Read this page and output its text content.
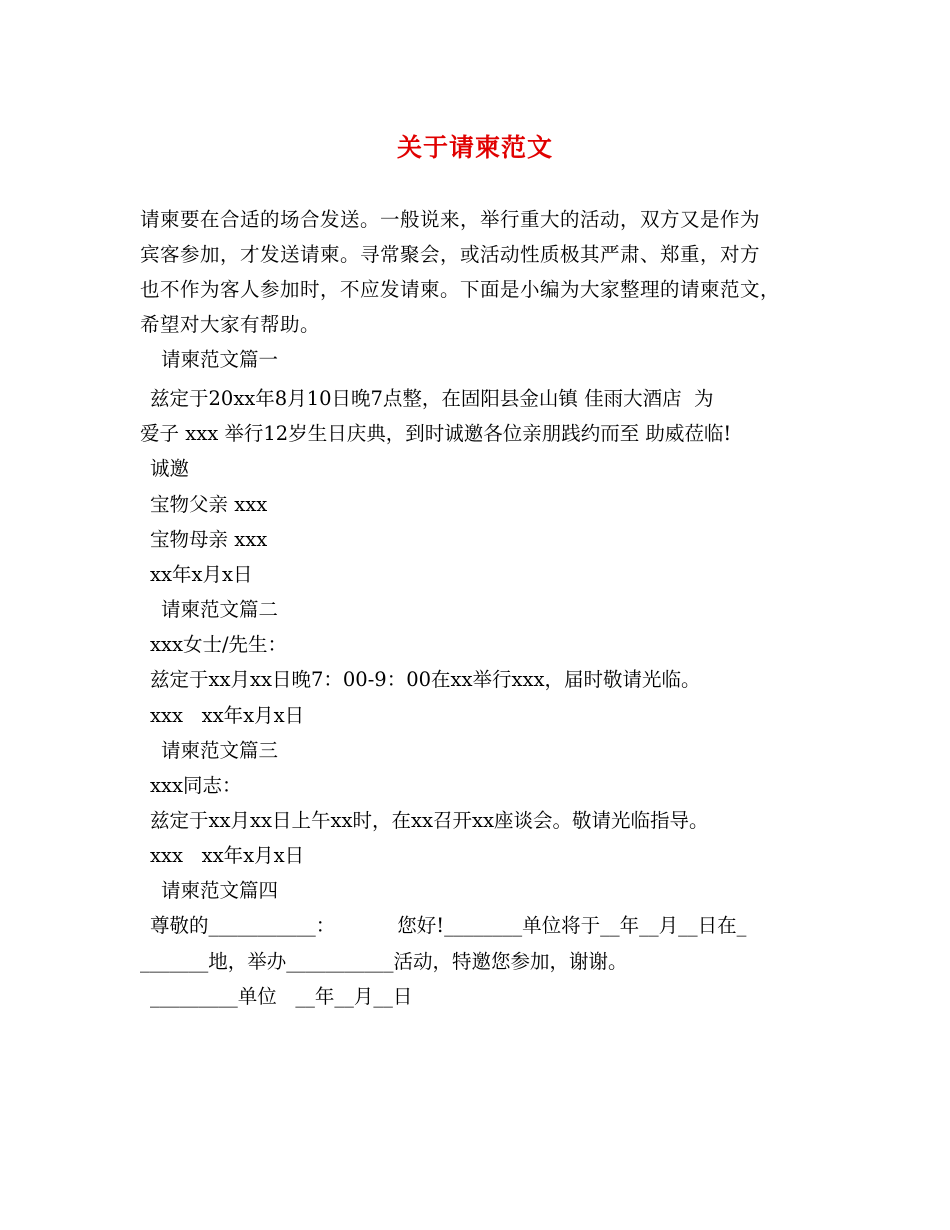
关于请柬范文
请柬要在合适的场合发送。一般说来，举行重大的活动，双方又是作为
宾客参加，才发送请柬。寻常聚会，或活动性质极其严肃、郑重，对方
也不作为客人参加时，不应发请柬。下面是小编为大家整理的请柬范文，
希望对大家有帮助。
请柬范文篇一
兹定于20xx年8月10日晚7点整，在固阳县金山镇 佳雨大酒店  为
爱子 xxx 举行12岁生日庆典，到时诚邀各位亲朋践约而至 助威莅临!
诚邀
宝物父亲 xxx
宝物母亲 xxx
xx年x月x日
请柬范文篇二
xxx女士/先生：
兹定于xx月xx日晚7：00-9：00在xx举行xxx，届时敬请光临。
xxx   xx年x月x日
请柬范文篇三
xxx同志：
兹定于xx月xx日上午xx时，在xx召开xx座谈会。敬请光临指导。
xxx   xx年x月x日
请柬范文篇四
尊敬的___________：          您好!________单位将于__年__月__日在_
_______地，举办___________活动，特邀您参加，谢谢。
_________单位   __年__月__日
